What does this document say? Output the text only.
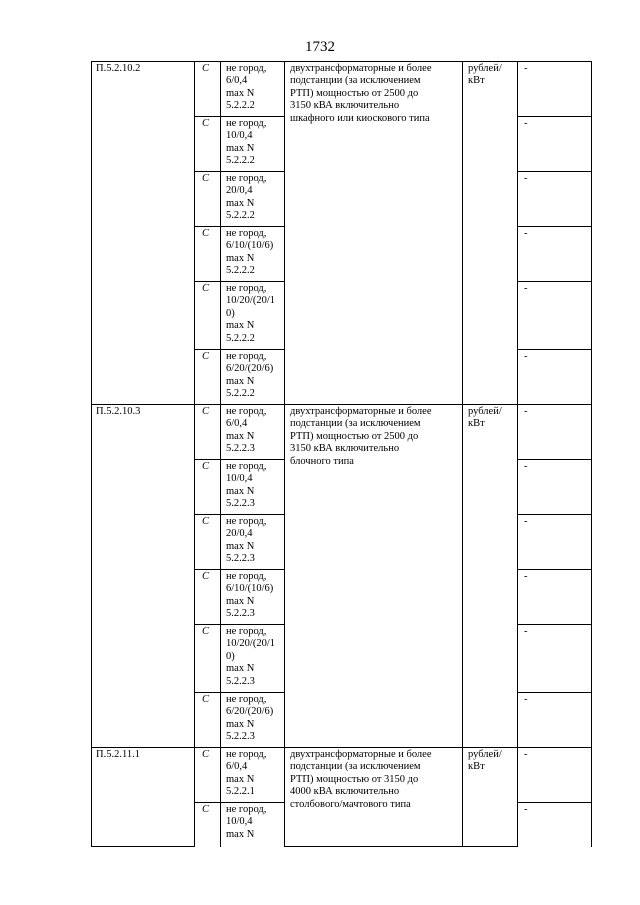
1732
П.5.2.10.2	C	не город,
6/0,4
max N
5.2.2.2	двухтрансформаторные и более
подстанции (за исключением
РТП) мощностью от 2500 до
3150 кВА включительно
шкафного или киоскового типа	рублей/
кВт	-
	C	не город,
10/0,4
max N
5.2.2.2			-
	C	не город,
20/0,4
max N
5.2.2.2			-
	C	не город,
6/10/(10/6)
max N
5.2.2.2			-
	C	не город,
10/20/(20/1
0)
max N
5.2.2.2			-
	C	не город,
6/20/(20/6)
max N
5.2.2.2			-
П.5.2.10.3	C	не город,
6/0,4
max N
5.2.2.3	двухтрансформаторные и более
подстанции (за исключением
РТП) мощностью от 2500 до
3150 кВА включительно
блочного типа	рублей/
кВт	-
	C	не город,
10/0,4
max N
5.2.2.3			-
	C	не город,
20/0,4
max N
5.2.2.3			-
	C	не город,
6/10/(10/6)
max N
5.2.2.3			-
	C	не город,
10/20/(20/1
0)
max N
5.2.2.3			-
	C	не город,
6/20/(20/6)
max N
5.2.2.3			-
П.5.2.11.1	C	не город,
6/0,4
max N
5.2.2.1	двухтрансформаторные и более
подстанции (за исключением
РТП) мощностью от 3150 до
4000 кВА включительно
столбового/мачтового типа	рублей/
кВт	-
	C	не город,
10/0,4
max N			-
